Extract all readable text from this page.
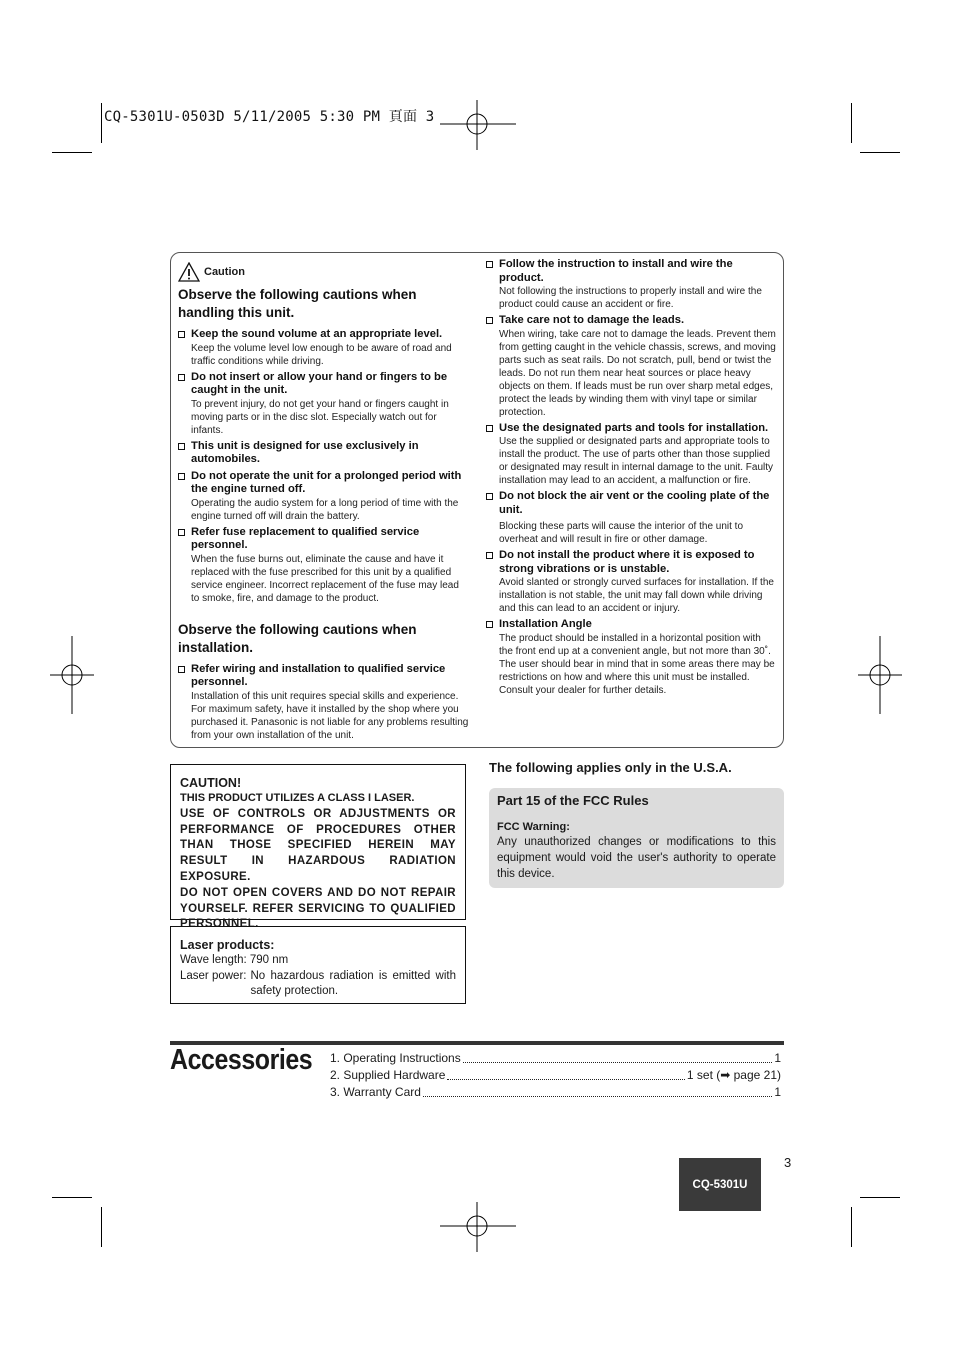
CQ-5301U-0503D 5/11/2005 5:30 PM 頁面 3
Caution
Observe the following cautions when handling this unit.
Keep the sound volume at an appropriate level.
Keep the volume level low enough to be aware of road and traffic conditions while driving.
Do not insert or allow your hand or fingers to be caught in the unit.
To prevent injury, do not get your hand or fingers caught in moving parts or in the disc slot. Especially watch out for infants.
This unit is designed for use exclusively in automobiles.
Do not operate the unit for a prolonged period with the engine turned off.
Operating the audio system for a long period of time with the engine turned off will drain the battery.
Refer fuse replacement to qualified service personnel.
When the fuse burns out, eliminate the cause and have it replaced with the fuse prescribed for this unit by a qualified service engineer. Incorrect replacement of the fuse may lead to smoke, fire, and damage to the product.
Observe the following cautions when installation.
Refer wiring and installation to qualified service personnel.
Installation of this unit requires special skills and experience. For maximum safety, have it installed by the shop where you purchased it. Panasonic is not liable for any problems resulting from your own installation of the unit.
Follow the instruction to install and wire the product.
Not following the instructions to properly install and wire the product could cause an accident or fire.
Take care not to damage the leads.
When wiring, take care not to damage the leads. Prevent them from getting caught in the vehicle chassis, screws, and moving parts such as seat rails. Do not scratch, pull, bend or twist the leads. Do not run them near heat sources or place heavy objects on them. If leads must be run over sharp metal edges, protect the leads by winding them with vinyl tape or similar protection.
Use the designated parts and tools for installation.
Use the supplied or designated parts and appropriate tools to install the product. The use of parts other than those supplied or designated may result in internal damage to the unit. Faulty installation may lead to an accident, a malfunction or fire.
Do not block the air vent or the cooling plate of the unit.
Blocking these parts will cause the interior of the unit to overheat and will result in fire or other damage.
Do not install the product where it is exposed to strong vibrations or is unstable.
Avoid slanted or strongly curved surfaces for installation. If the installation is not stable, the unit may fall down while driving and this can lead to an accident or injury.
Installation Angle
The product should be installed in a horizontal position with the front end up at a convenient angle, but not more than 30˚.
The user should bear in mind that in some areas there may be restrictions on how and where this unit must be installed. Consult your dealer for further details.
CAUTION!
THIS PRODUCT UTILIZES A CLASS Ι LASER.
USE OF CONTROLS OR ADJUSTMENTS OR PERFORMANCE OF PROCEDURES OTHER THAN THOSE SPECIFIED HEREIN MAY RESULT IN HAZARDOUS RADIATION EXPOSURE.
DO NOT OPEN COVERS AND DO NOT REPAIR YOURSELF. REFER SERVICING TO QUALIFIED PERSONNEL.
Laser products:
Wave length: 790 nm
Laser power: No hazardous radiation is emitted with safety protection.
The following applies only in the U.S.A.
Part 15 of the FCC Rules
FCC Warning:
Any unauthorized changes or modifications to this equipment would void the user's authority to operate this device.
Accessories 1. Operating Instructions	1
2. Supplied Hardware	1 set (➡ page 21)
3. Warranty Card	1
3
CQ-5301U
